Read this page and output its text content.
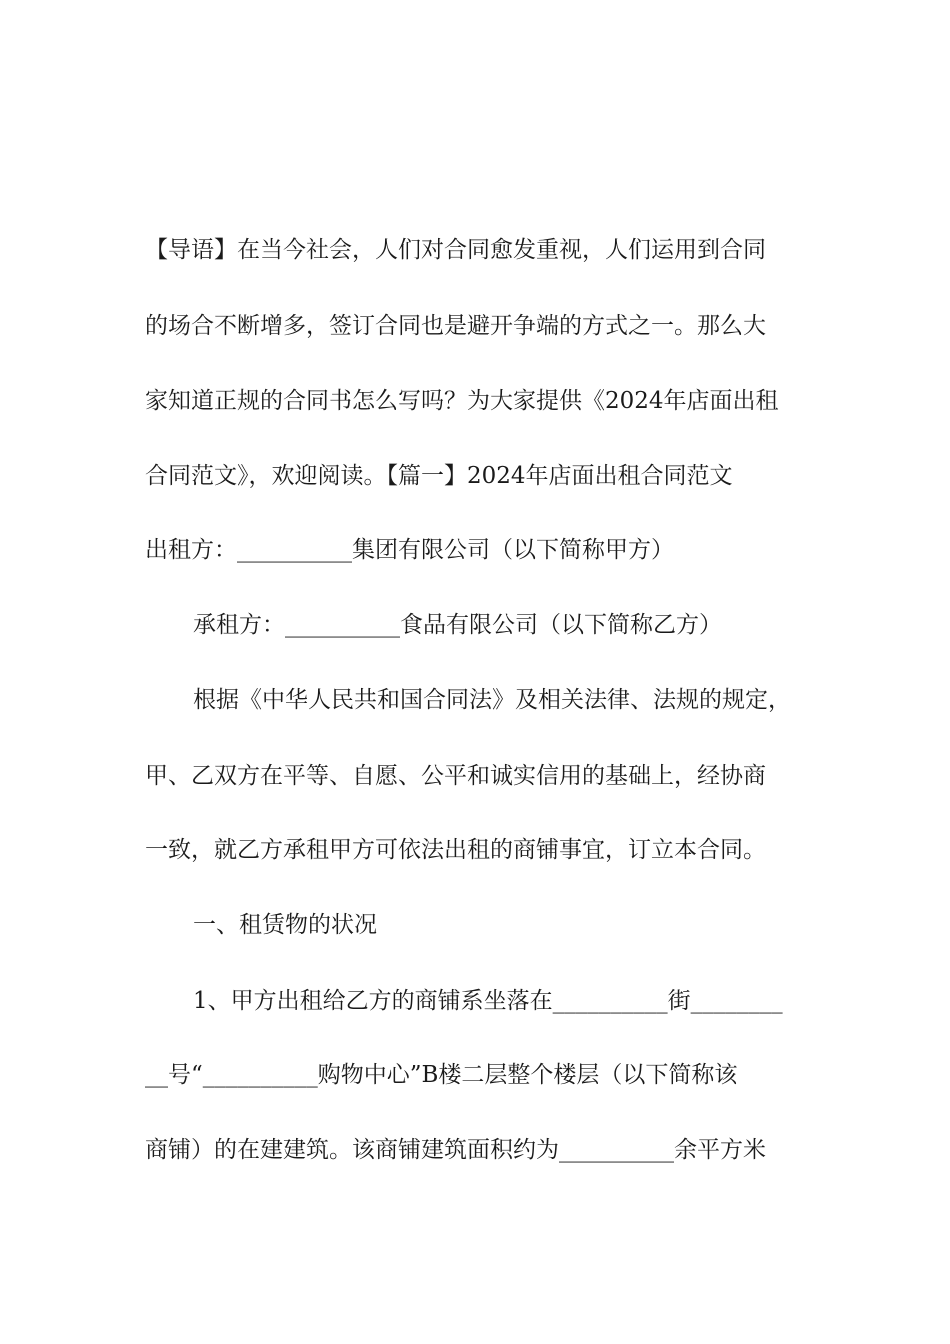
【导语】在当今社会，人们对合同愈发重视，人们运用到合同
的场合不断增多，签订合同也是避开争端的方式之一。那么大
家知道正规的合同书怎么写吗？为大家提供《2024年店面出租
合同范文》，欢迎阅读。【篇一】2024年店面出租合同范文
出租方：__________集团有限公司（以下简称甲方）
承租方：__________食品有限公司（以下简称乙方）
根据《中华人民共和国合同法》及相关法律、法规的规定，
甲、乙双方在平等、自愿、公平和诚实信用的基础上，经协商
一致，就乙方承租甲方可依法出租的商铺事宜，订立本合同。
一、租赁物的状况
1、甲方出租给乙方的商铺系坐落在__________街________
__号“__________购物中心”B楼二层整个楼层（以下简称该
商铺）的在建建筑。该商铺建筑面积约为__________余平方米
